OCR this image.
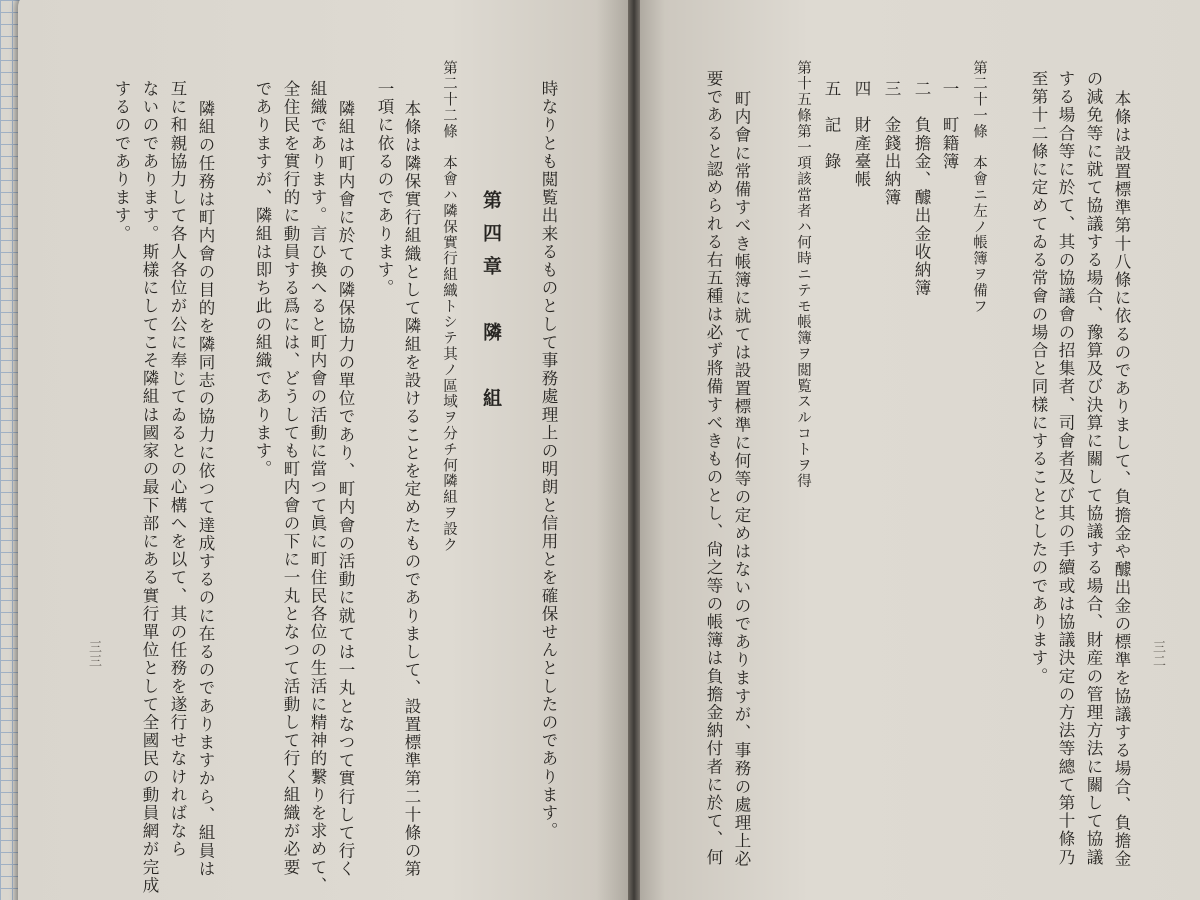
時なりとも閲覧出来るものとして事務處理上の明朗と信用とを確保せんとしたのであります。
第四章　隣　組
第二十二條　本會ハ隣保實行組織トシテ其ノ區域ヲ分チ何隣組ヲ設ク
本條は隣保實行組織として隣組を設けることを定めたものでありまして、設置標準第二十條の第
一項に依るのであります。
隣組は町内會に於ての隣保協力の單位であり、町内會の活動に就ては一丸となつて實行して行く
組織であります。言ひ換へると町内會の活動に當つて眞に町住民各位の生活に精神的繋りを求めて、
全住民を實行的に動員する爲には、どうしても町内會の下に一丸となつて活動して行く組織が必要
でありますが、隣組は即ち此の組織であります。
隣組の任務は町内會の目的を隣同志の協力に依つて達成するのに在るのでありますから、組員は
互に和親協力して各人各位が公に奉じてゐるとの心構へを以て、其の任務を遂行せなければなら
ないのであります。斯樣にしてこそ隣組は國家の最下部にある實行單位として全國民の動員網が完成
するのであります。
三三	本條は設置標準第十八條に依るのでありまして、負擔金や醵出金の標準を協議する場合、負擔金
の減免等に就て協議する場合、豫算及び決算に關して協議する場合、財産の管理方法に關して協議
する場合等に於て、其の協議會の招集者、司會者及び其の手續或は協議決定の方法等總て第十條乃
至第十二條に定めてゐる常會の場合と同樣にすることとしたのであります。
第二十一條　本會ニ左ノ帳簿ヲ備フ
一　町籍簿
二　負擔金、醵出金收納簿
三　金錢出納簿
四　財產臺帳
五　記　錄
第十五條第一項該當者ハ何時ニテモ帳簿ヲ閲覧スルコトヲ得
町内會に常備すべき帳簿に就ては設置標準に何等の定めはないのでありますが、事務の處理上必
要であると認められる右五種は必ず將備すべきものとし、尙之等の帳簿は負擔金納付者に於て、何	三二
